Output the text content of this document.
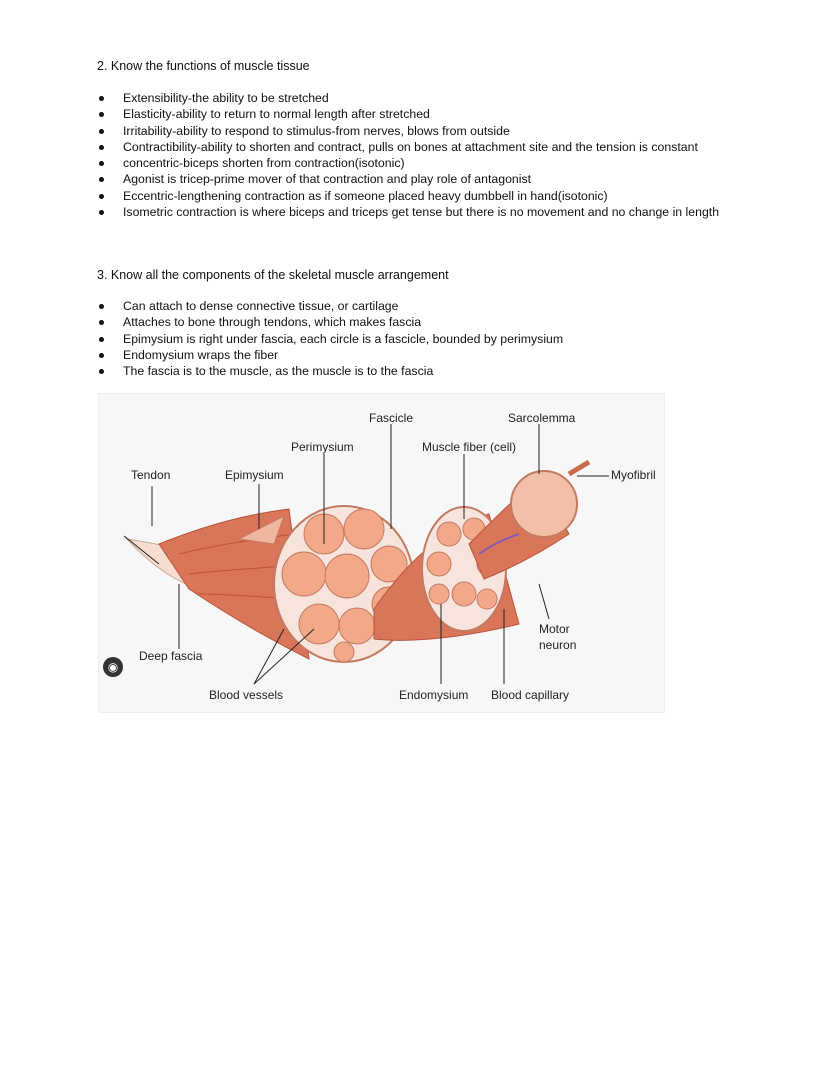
2. Know the functions of muscle tissue
Extensibility-the ability to be stretched
Elasticity-ability to return to normal length after stretched
Irritability-ability to respond to stimulus-from nerves, blows from outside
Contractibility-ability to shorten and contract, pulls on bones at attachment site and the tension is constant
concentric-biceps shorten from contraction(isotonic)
Agonist is tricep-prime mover of that contraction and play role of antagonist
Eccentric-lengthening contraction as if someone placed heavy dumbbell in hand(isotonic)
Isometric contraction is where biceps and triceps get tense but there is no movement and no change in length
3. Know all the components of the skeletal muscle arrangement
Can attach to dense connective tissue, or cartilage
Attaches to bone through tendons, which makes fascia
Epimysium is right under fascia, each circle is a fascicle, bounded by perimysium
Endomysium wraps the fiber
The fascia is to the muscle, as the muscle is to the fascia
Fascicle	Sarcolemma
Perimysium	Muscle fiber (cell)
Tendon	Epimysium	Myofibril
Motor
neuron
Deep fascia
Blood vessels	Endomysium Blood capillary
◉
